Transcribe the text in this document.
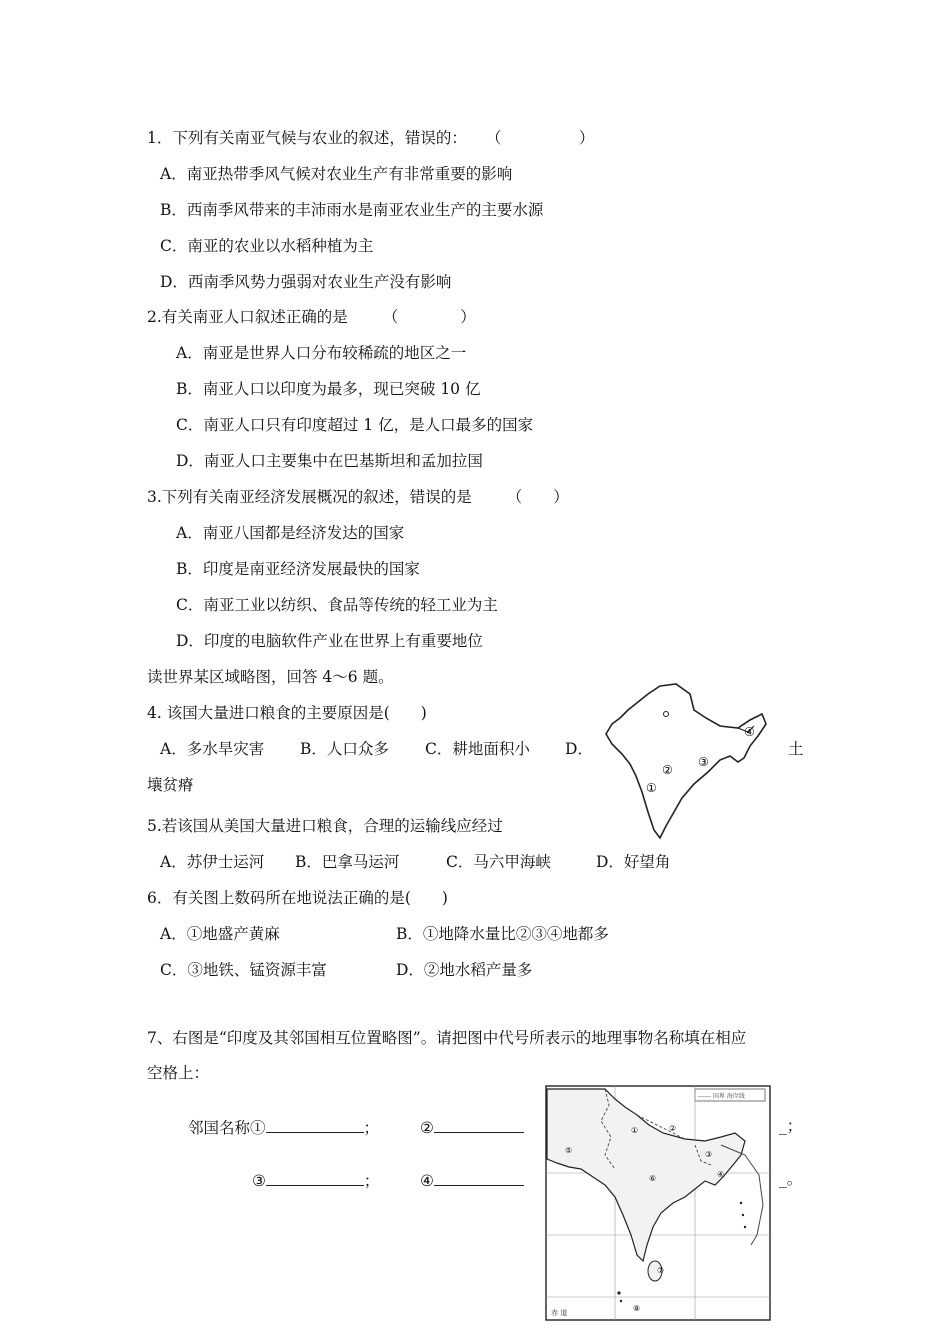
1．下列有关南亚气候与农业的叙述，错误的： （　　　　　）
A．南亚热带季风气候对农业生产有非常重要的影响
B．西南季风带来的丰沛雨水是南亚农业生产的主要水源
C．南亚的农业以水稻种植为主
D．西南季风势力强弱对农业生产没有影响
2.有关南亚人口叙述正确的是 （　　　　）
A．南亚是世界人口分布较稀疏的地区之一
B．南亚人口以印度为最多，现已突破 10 亿
C．南亚人口只有印度超过 1 亿，是人口最多的国家
D．南亚人口主要集中在巴基斯坦和孟加拉国
3.下列有关南亚经济发展概况的叙述，错误的是 （　　）
A．南亚八国都是经济发达的国家
B．印度是南亚经济发展最快的国家
C．南亚工业以纺织、食品等传统的轻工业为主
D．印度的电脑软件产业在世界上有重要地位
读世界某区域略图，回答 4～6 题。
4. 该国大量进口粮食的主要原因是(　　)
A．多水旱灾害 B．人口众多 C．耕地面积小 D．	土
壤贫瘠
④
③
②
①
5.若该国从美国大量进口粮食，合理的运输线应经过
A．苏伊士运河 B．巴拿马运河	C．马六甲海峡	D．好望角
6．有关图上数码所在地说法正确的是(　　)
A．①地盛产黄麻	B．①地降水量比②③④地都多
C．③地铁、锰资源丰富	D．②地水稻产量多
7、右图是“印度及其邻国相互位置略图”。请把图中代号所表示的地理事物名称填在相应
空格上：
邻国名称①	；	②	_；
③	；	④	_。
------ 国界 海岸线
①	②
③
④
⑤
⑥
⑦
⑧
赤 道
